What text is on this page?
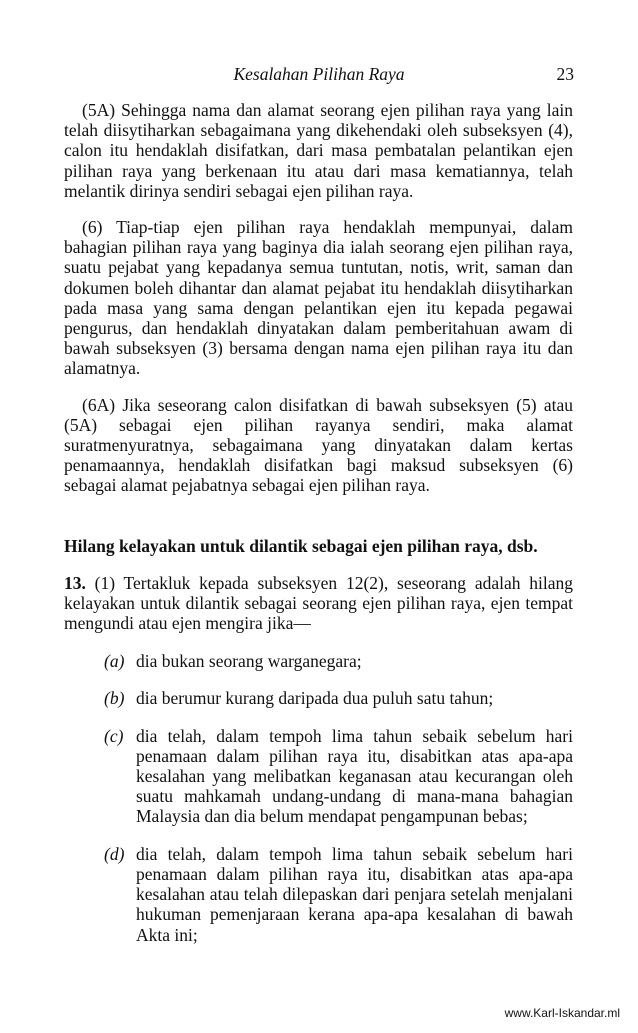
Kesalahan Pilihan Raya	23

(5A) Sehingga nama dan alamat seorang ejen pilihan raya yang lain telah diisytiharkan sebagaimana yang dikehendaki oleh subseksyen (4), calon itu hendaklah disifatkan, dari masa pembatalan pelantikan ejen pilihan raya yang berkenaan itu atau dari masa kematiannya, telah melantik dirinya sendiri sebagai ejen pilihan raya.

(6) Tiap-tiap ejen pilihan raya hendaklah mempunyai, dalam bahagian pilihan raya yang baginya dia ialah seorang ejen pilihan raya, suatu pejabat yang kepadanya semua tuntutan, notis, writ, saman dan dokumen boleh dihantar dan alamat pejabat itu hendaklah diisytiharkan pada masa yang sama dengan pelantikan ejen itu kepada pegawai pengurus, dan hendaklah dinyatakan dalam pemberitahuan awam di bawah subseksyen (3) bersama dengan nama ejen pilihan raya itu dan alamatnya.

(6A) Jika seseorang calon disifatkan di bawah subseksyen (5) atau (5A) sebagai ejen pilihan rayanya sendiri, maka alamat suratmenyuratnya, sebagaimana yang dinyatakan dalam kertas penamaannya, hendaklah disifatkan bagi maksud subseksyen (6) sebagai alamat pejabatnya sebagai ejen pilihan raya.

Hilang kelayakan untuk dilantik sebagai ejen pilihan raya, dsb.

13. (1) Tertakluk kepada subseksyen 12(2), seseorang adalah hilang kelayakan untuk dilantik sebagai seorang ejen pilihan raya, ejen tempat mengundi atau ejen mengira jika—

(a) dia bukan seorang warganegara;
(b) dia berumur kurang daripada dua puluh satu tahun;
(c) dia telah, dalam tempoh lima tahun sebaik sebelum hari penamaan dalam pilihan raya itu, disabitkan atas apa-apa kesalahan yang melibatkan keganasan atau kecurangan oleh suatu mahkamah undang-undang di mana-mana bahagian Malaysia dan dia belum mendapat pengampunan bebas;
(d) dia telah, dalam tempoh lima tahun sebaik sebelum hari penamaan dalam pilihan raya itu, disabitkan atas apa-apa kesalahan atau telah dilepaskan dari penjara setelah menjalani hukuman pemenjaraan kerana apa-apa kesalahan di bawah Akta ini;
www.Karl-Iskandar.ml
